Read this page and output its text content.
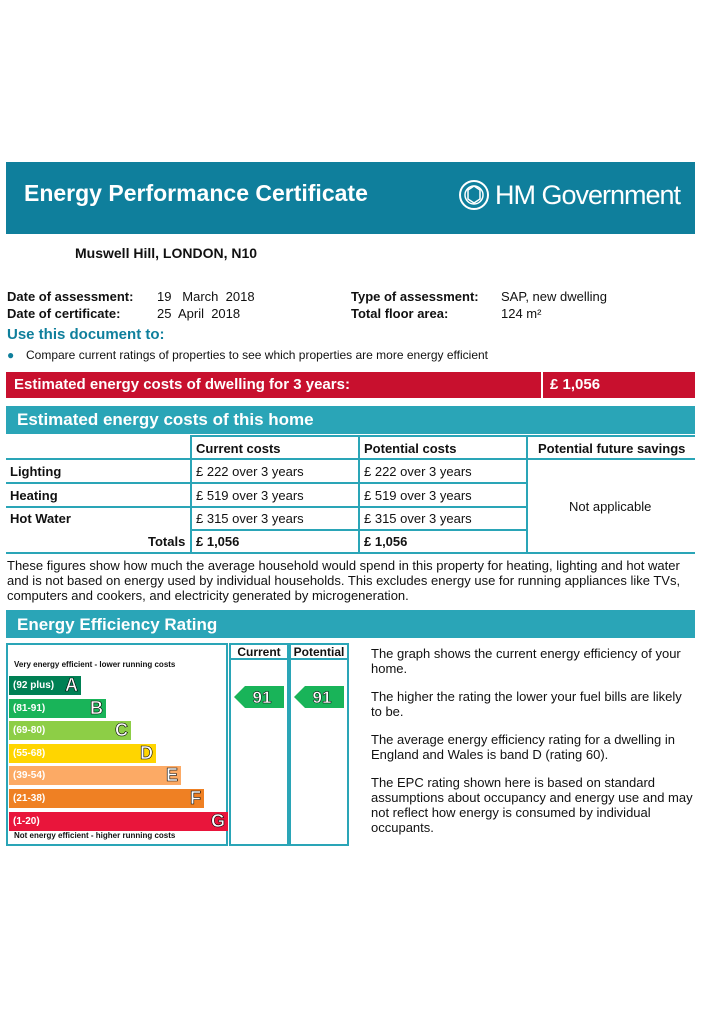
Energy Performance Certificate	HM Government
Muswell Hill, LONDON, N10
Date of assessment: 19   March  2018
Date of certificate:	25  April  2018
Type of assessment: SAP, new dwelling
Total floor area:	124 m²
Use this document to:
● Compare current ratings of properties to see which properties are more energy efficient
Estimated energy costs of dwelling for 3 years:	£ 1,056
Estimated energy costs of this home
Current costs	Potential costs	Potential future savings
Lighting	£ 222 over 3 years	£ 222 over 3 years
Heating	£ 519 over 3 years	£ 519 over 3 years
Hot Water	£ 315 over 3 years	£ 315 over 3 years
Not applicable
Totals £ 1,056	£ 1,056
These figures show how much the average household would spend in this property for heating, lighting and hot water and is not based on energy used by individual households. This excludes energy use for running appliances like TVs, computers and cookers, and electricity generated by microgeneration.
Energy Efficiency Rating
Current	Potential
Very energy efficient - lower running costs
Not energy efficient - higher running costs
(92 plus) A
(81-91) B
(69-80)	C
(55-68)	D
(39-54)	E
(21-38)	F
(1-20)	G
91 91
The graph shows the current energy efficiency of your home.
The higher the rating the lower your fuel bills are likely to be.
The average energy efficiency rating for a dwelling in England and Wales is band D (rating 60).
The EPC rating shown here is based on standard assumptions about occupancy and energy use and may not reflect how energy is consumed by individual occupants.
